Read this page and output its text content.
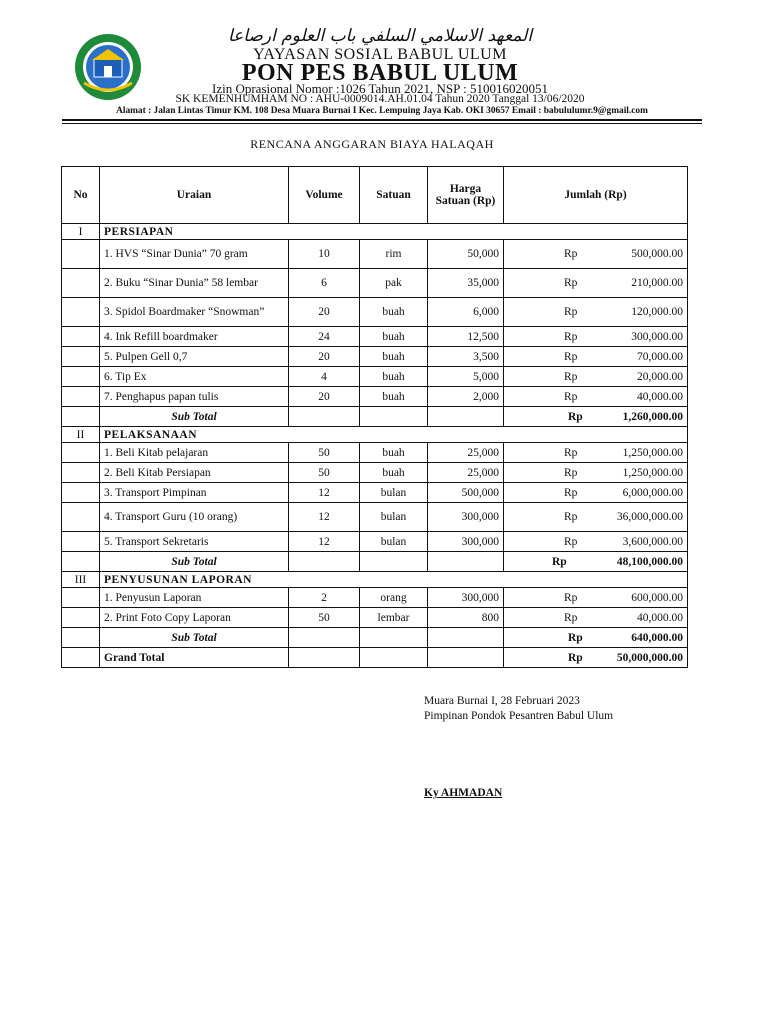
المعهد الاسلامي السلفي باب العلوم ارصاعا
YAYASAN SOSIAL BABUL ULUM
PON PES BABUL ULUM
Izin Oprasional Nomor :1026 Tahun 2021, NSP : 510016020051
SK KEMENHUMHAM NO : AHU-0009014.AH.01.04 Tahun 2020 Tanggal 13/06/2020
Alamat : Jalan Lintas Timur KM. 108 Desa Muara Burnai I Kec. Lempuing Jaya Kab. OKI 30657 Email : babululumr.9@gmail.com
RENCANA ANGGARAN BIAYA HALAQAH
No	Uraian	Volume	Satuan	Harga Satuan (Rp)	Jumlah (Rp)
I	PERSIAPAN				

	1. HVS “Sinar Dunia” 70 gram	10	rim	50,000	Rp 500,000.00

	2. Buku “Sinar Dunia” 58 lembar	6	pak	35,000	Rp 210,000.00

	3. Spidol Boardmaker “Snowman”	20	buah	6,000	Rp 120,000.00

	4. Ink Refill boardmaker	24	buah	12,500	Rp 300,000.00

	5. Pulpen Gell 0,7	20	buah	3,500	Rp 70,000.00

	6. Tip Ex	4	buah	5,000	Rp 20,000.00

	7. Penghapus papan tulis	20	buah	2,000	Rp 40,000.00

	Sub Total				Rp 1,260,000.00

II	PELAKSANAAN				

	1. Beli Kitab pelajaran	50	buah	25,000	Rp 1,250,000.00

	2. Beli Kitab Persiapan	50	buah	25,000	Rp 1,250,000.00

	3. Transport Pimpinan	12	bulan	500,000	Rp 6,000,000.00

	4. Transport Guru (10 orang)	12	bulan	300,000	Rp 36,000,000.00

	5. Transport Sekretaris	12	bulan	300,000	Rp 3,600,000.00

	Sub Total				Rp 48,100,000.00

III	PENYUSUNAN LAPORAN				

	1. Penyusun Laporan	2	orang	300,000	Rp 600,000.00

	2. Print Foto Copy Laporan	50	lembar	800	Rp 40,000.00

	Sub Total				Rp 640,000.00

	Grand Total				Rp 50,000,000.00
Muara Burnai I, 28 Februari 2023
Pimpinan Pondok Pesantren Babul Ulum
Ky AHMADAN
